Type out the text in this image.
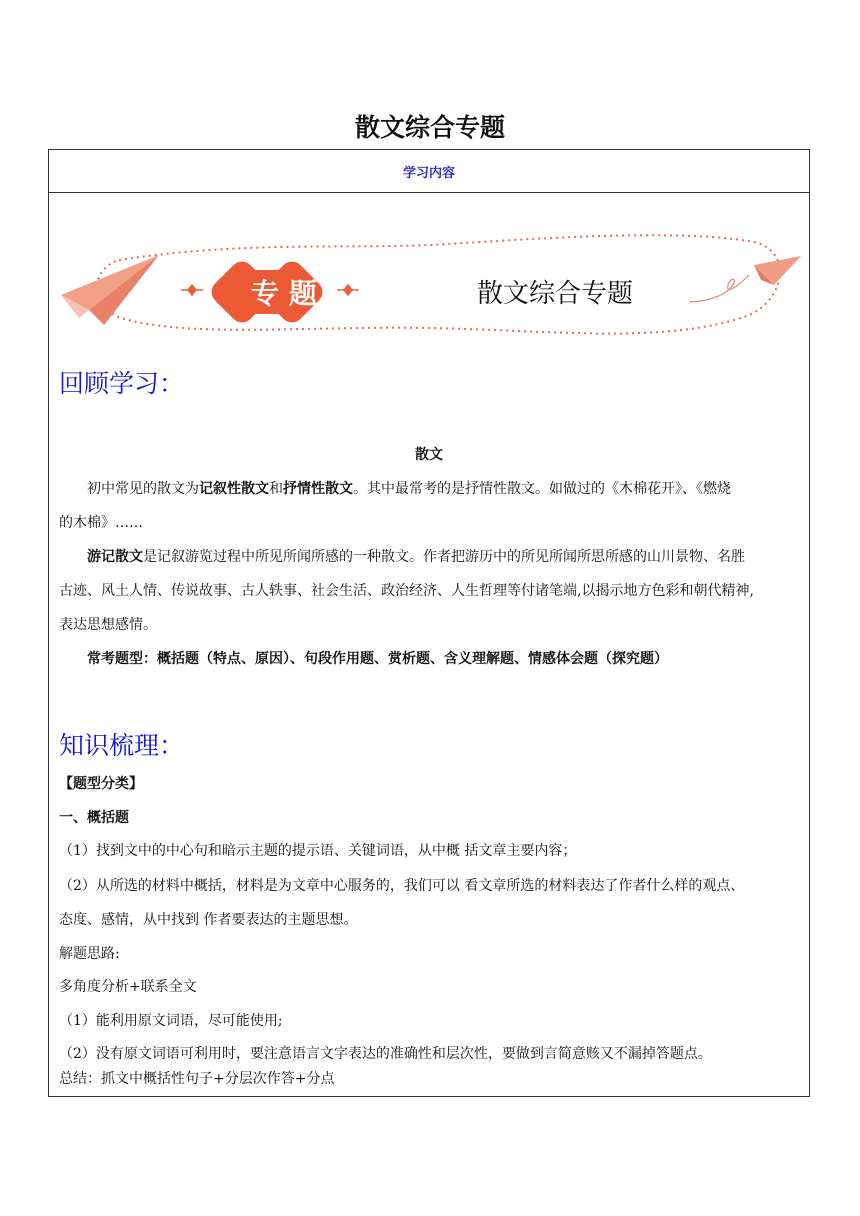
散文综合专题
学习内容
专题	散文综合专题
回顾学习：
散文
初中常见的散文为记叙性散文和抒情性散文。其中最常考的是抒情性散文。如做过的《木棉花开》、《燃烧
的木棉》……
游记散文是记叙游览过程中所见所闻所感的一种散文。作者把游历中的所见所闻所思所感的山川景物、名胜
古迹、风土人情、传说故事、古人轶事、社会生活、政治经济、人生哲理等付诸笔端,以揭示地方色彩和朝代精神,
表达思想感情。
常考题型：概括题（特点、原因）、句段作用题、赏析题、含义理解题、情感体会题（探究题）
知识梳理：
【题型分类】
一、概括题
（1）找到文中的中心句和暗示主题的提示语、关键词语，从中概 括文章主要内容；
（2）从所选的材料中概括，材料是为文章中心服务的，我们可以 看文章所选的材料表达了作者什么样的观点、
态度、感情，从中找到 作者要表达的主题思想。
解题思路:
多角度分析+联系全文
（1）能利用原文词语，尽可能使用;
（2）没有原文词语可利用时，要注意语言文字表达的准确性和层次性，要做到言简意赅又不漏掉答题点。
总结：抓文中概括性句子+分层次作答+分点
